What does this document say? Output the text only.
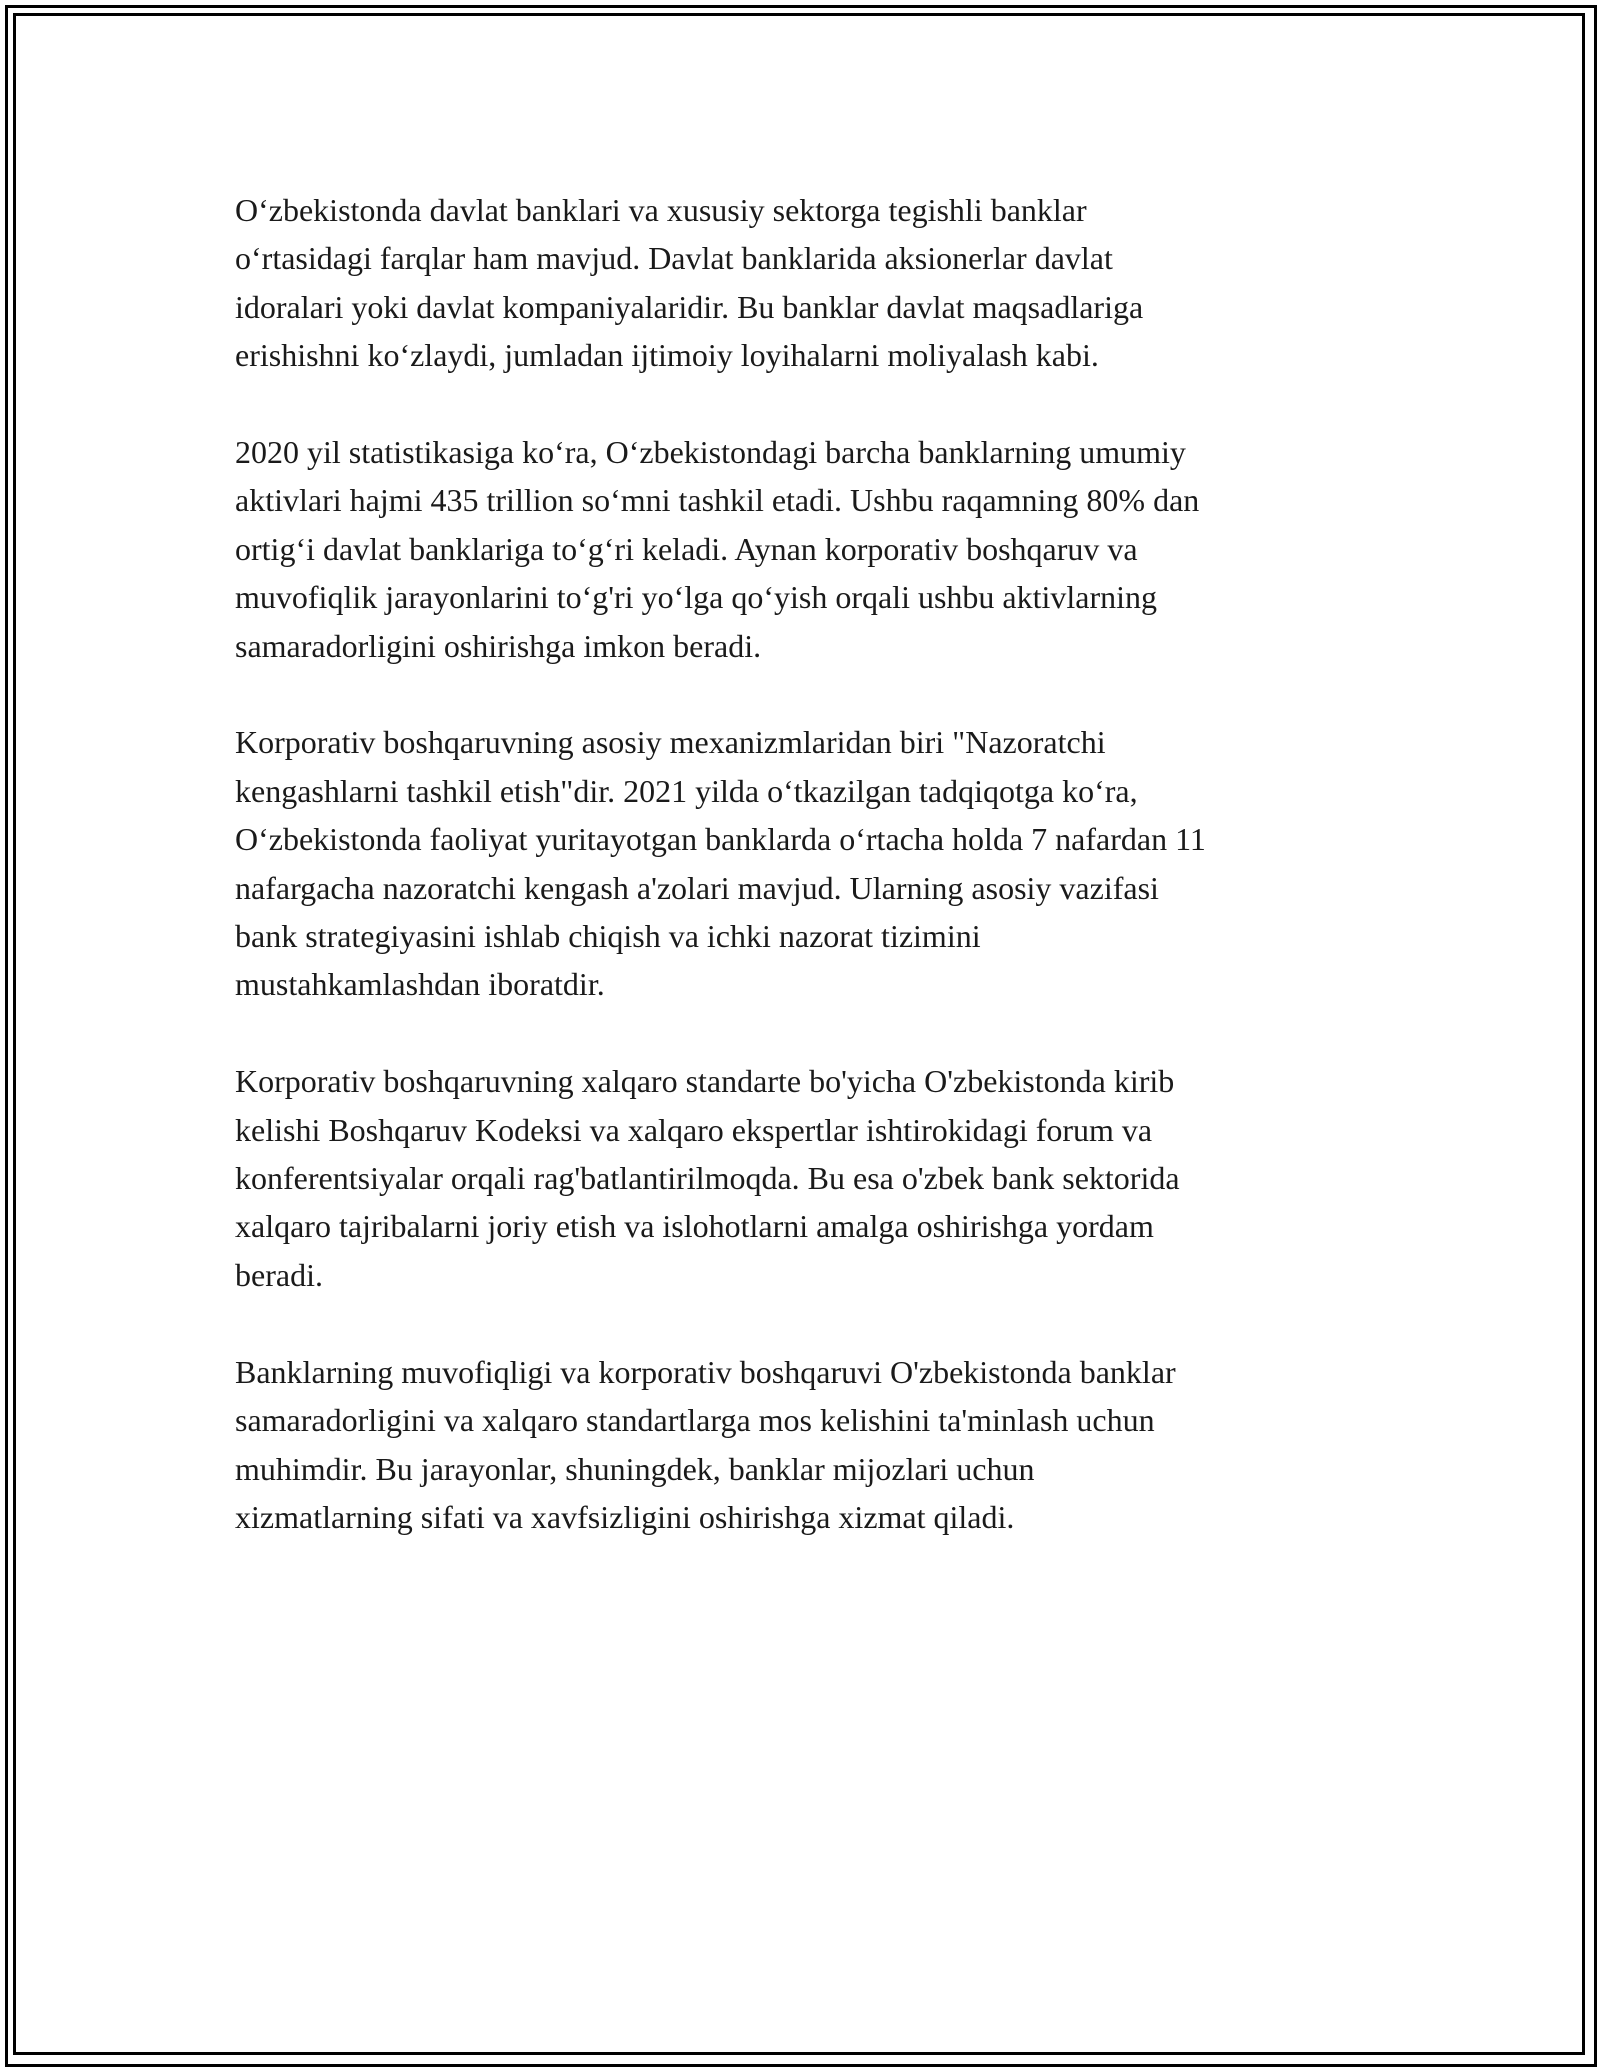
O‘zbekistonda davlat banklari va xususiy sektorga tegishli banklar
o‘rtasidagi farqlar ham mavjud. Davlat banklarida aksionerlar davlat
idoralari yoki davlat kompaniyalaridir. Bu banklar davlat maqsadlariga
erishishni ko‘zlaydi, jumladan ijtimoiy loyihalarni moliyalash kabi.

2020 yil statistikasiga ko‘ra, O‘zbekistondagi barcha banklarning umumiy
aktivlari hajmi 435 trillion so‘mni tashkil etadi. Ushbu raqamning 80% dan
ortig‘i davlat banklariga to‘g‘ri keladi. Aynan korporativ boshqaruv va
muvofiqlik jarayonlarini to‘g'ri yo‘lga qo‘yish orqali ushbu aktivlarning
samaradorligini oshirishga imkon beradi.

Korporativ boshqaruvning asosiy mexanizmlaridan biri "Nazoratchi
kengashlarni tashkil etish"dir. 2021 yilda o‘tkazilgan tadqiqotga ko‘ra,
O‘zbekistonda faoliyat yuritayotgan banklarda o‘rtacha holda 7 nafardan 11
nafargacha nazoratchi kengash a'zolari mavjud. Ularning asosiy vazifasi
bank strategiyasini ishlab chiqish va ichki nazorat tizimini
mustahkamlashdan iboratdir.

Korporativ boshqaruvning xalqaro standarte bo'yicha O'zbekistonda kirib
kelishi Boshqaruv Kodeksi va xalqaro ekspertlar ishtirokidagi forum va
konferentsiyalar orqali rag'batlantirilmoqda. Bu esa o'zbek bank sektorida
xalqaro tajribalarni joriy etish va islohotlarni amalga oshirishga yordam
beradi.

Banklarning muvofiqligi va korporativ boshqaruvi O'zbekistonda banklar
samaradorligini va xalqaro standartlarga mos kelishini ta'minlash uchun
muhimdir. Bu jarayonlar, shuningdek, banklar mijozlari uchun
xizmatlarning sifati va xavfsizligini oshirishga xizmat qiladi.
